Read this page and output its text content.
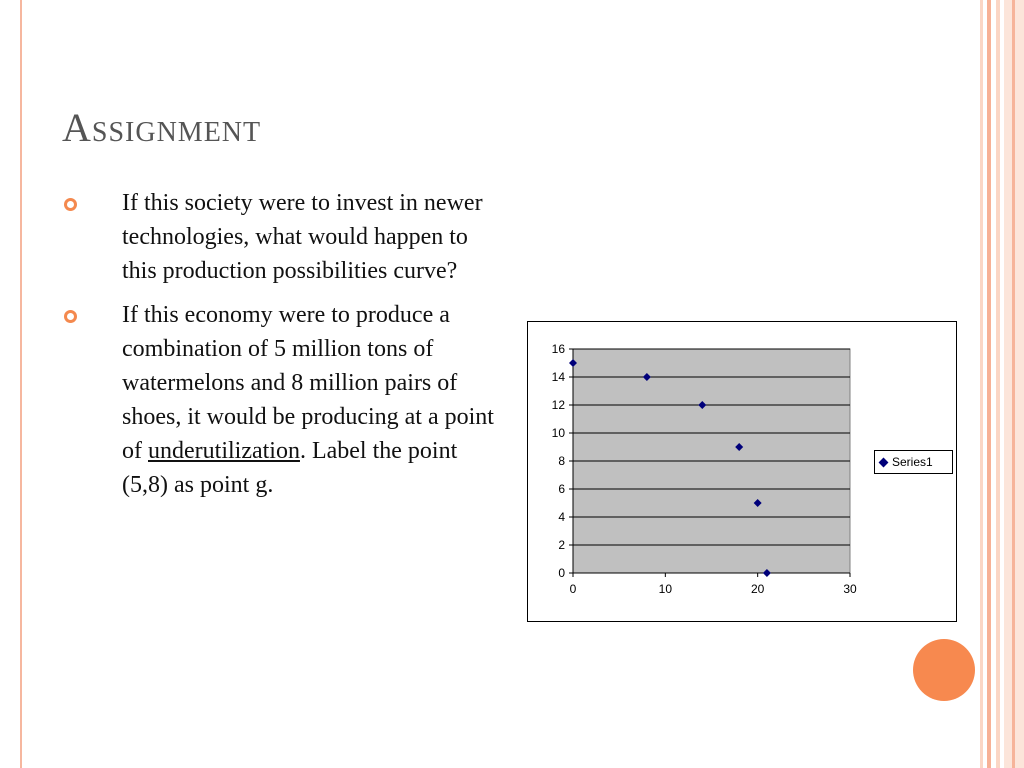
Assignment
If this society were to invest in newer technologies, what would happen to this production possibilities curve?
If this economy were to produce a combination of 5 million tons of watermelons and 8 million pairs of shoes, it would be producing at a point of underutilization. Label the point (5,8) as point g.
0
2
4
6
8
10
12
14
16
0	10	20	30
Series1
